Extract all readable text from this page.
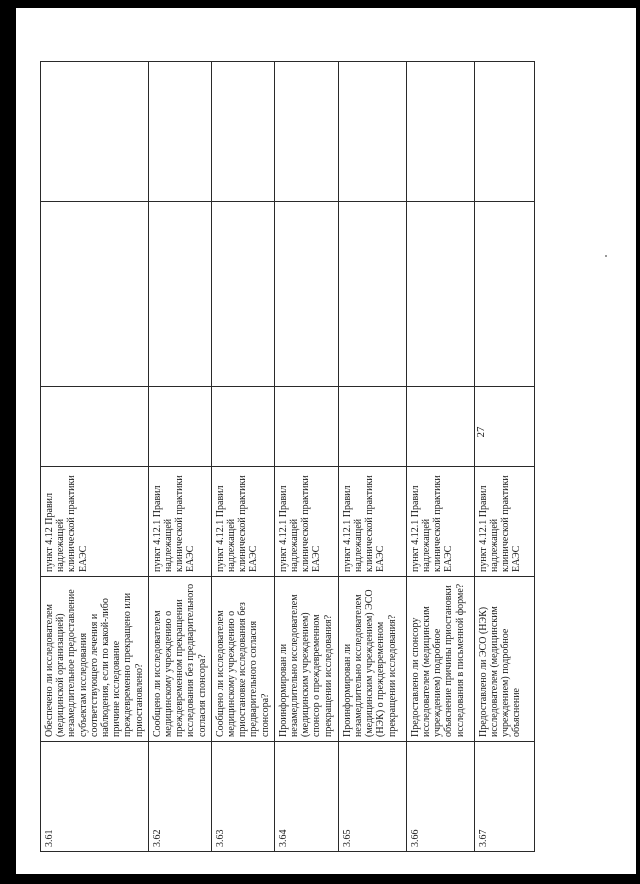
3.61	Обеспечено ли исследователем (медицинской организацией) незамедлительное предоставление субъектам исследования соответствующего лечения и наблюдения, если по какой-либо причине исследование преждевременно прекращено или приостановлено?	пункт 4.12 Правил надлежащей клинической практики ЕАЭС			
3.62	Сообщено ли исследователем медицинскому учреждению о преждевременном прекращении исследования без предварительного согласия спонсора?	пункт 4.12.1 Правил надлежащей клинической практики ЕАЭС			
3.63	Сообщено ли исследователем медицинскому учреждению о приостановке исследования без предварительного согласия спонсора?	пункт 4.12.1 Правил надлежащей клинической практики ЕАЭС			
3.64	Проинформирован ли незамедлительно исследователем (медицинским учреждением) спонсор о преждевременном прекращении исследования?	пункт 4.12.1 Правил надлежащей клинической практики ЕАЭС			
3.65	Проинформирован ли незамедлительно исследователем (медицинским учреждением) ЭСО (НЭК) о преждевременном прекращении исследования?	пункт 4.12.1 Правил надлежащей клинической практики ЕАЭС			
3.66	Предоставлено ли спонсору исследователем (медицинским учреждением) подробное объяснение причины приостановки исследования в письменной форме?	пункт 4.12.1 Правил надлежащей клинической практики ЕАЭС			
3.67	Предоставлено ли ЭСО (НЭК) исследователем (медицинским учреждением) подробное объяснение	пункт 4.12.1 Правил надлежащей клинической практики ЕАЭС			
27
